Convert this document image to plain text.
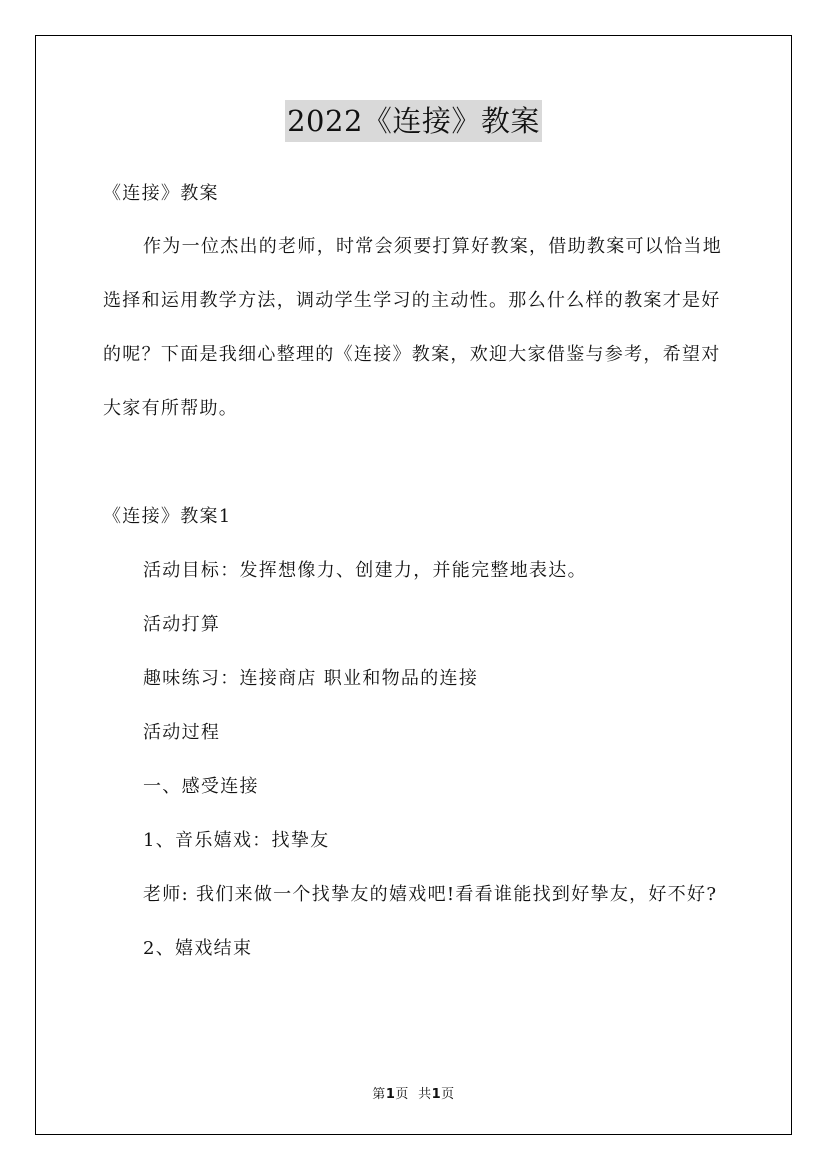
2022《连接》教案

《连接》教案

作为一位杰出的老师，时常会须要打算好教案，借助教案可以恰当地选择和运用教学方法，调动学生学习的主动性。那么什么样的教案才是好的呢？下面是我细心整理的《连接》教案，欢迎大家借鉴与参考，希望对大家有所帮助。

《连接》教案1

活动目标：发挥想像力、创建力，并能完整地表达。

活动打算

趣味练习：连接商店 职业和物品的连接

活动过程

一、感受连接

1、音乐嬉戏：找挚友

老师: 我们来做一个找挚友的嬉戏吧!看看谁能找到好挚友，好不好?

2、嬉戏结束

第1页  共1页
